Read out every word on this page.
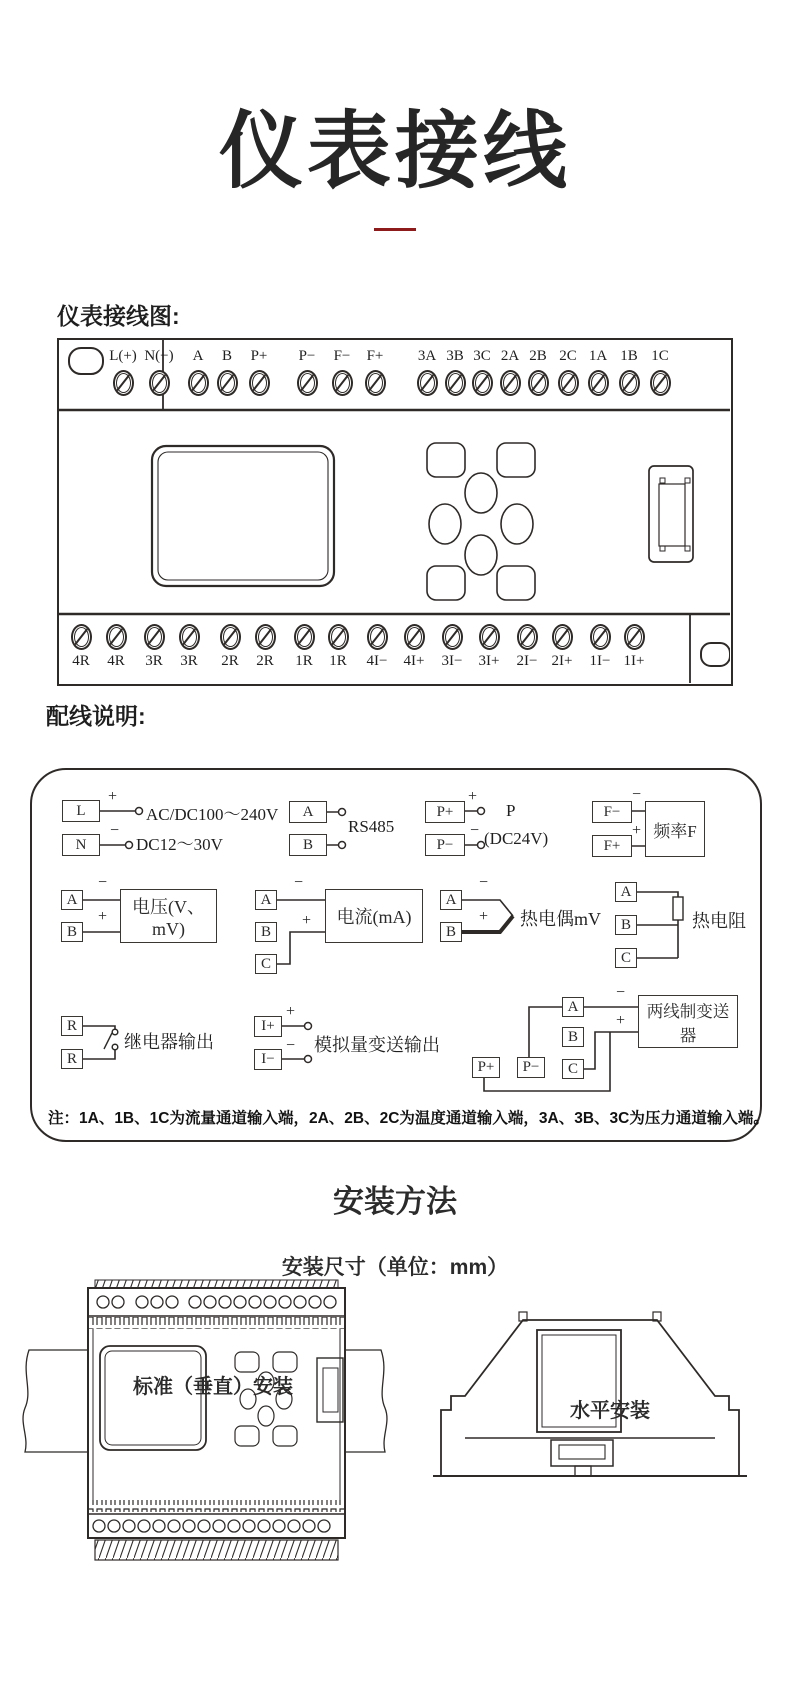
仪表接线
仪表接线图:
L(+) N(−) A B P+ P− F− F+ 3A 3B 3C 2A 2B 2C 1A 1B 1C
4R 4R 3R 3R 2R 2R 1R 1R 4I− 4I+ 3I− 3I+ 2I− 2I+ 1I− 1I+
配线说明:
L
N
+
−
AC/DC100～240V
DC12～30V
A
B
RS485
P+
P−
+
−
P
(DC24V)
F−
F+
−
+ 频率F
A
B
−
+	电压(V、mV)
A
B
C
−
+	电流(mA)
A
B
−
+ 热电偶mV
A
B
C
热电阻
R
R
继电器输出
I+
I−
+
− 模拟量变送输出
A
B
C
P+	P−
−
+	两线制变送器
注：1A、1B、1C为流量通道输入端，2A、2B、2C为温度通道输入端，3A、3B、3C为压力通道输入端。
安装方法
安装尺寸（单位：mm）
标准（垂直）安装
水平安装
